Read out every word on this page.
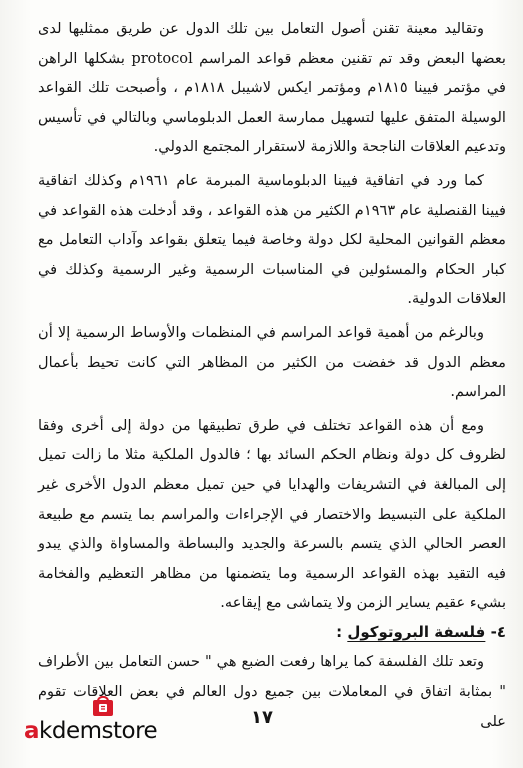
وتقاليد معينة تقنن أصول التعامل بين تلك الدول عن طريق ممثليها لدى بعضها البعض وقد تم تقنين معظم قواعد المراسم protocol بشكلها الراهن في مؤتمر فيينا ١٨١٥م ومؤتمر ايكس لاشيبل ١٨١٨م ، وأصبحت تلك القواعد الوسيلة المتفق عليها لتسهيل ممارسة العمل الدبلوماسي وبالتالي في تأسيس وتدعيم العلاقات الناجحة واللازمة لاستقرار المجتمع الدولي.

كما ورد في اتفاقية فيينا الدبلوماسية المبرمة عام ١٩٦١م وكذلك اتفاقية فيينا القنصلية عام ١٩٦٣م الكثير من هذه القواعد ، وقد أدخلت هذه القواعد في معظم القوانين المحلية لكل دولة وخاصة فيما يتعلق بقواعد وآداب التعامل مع كبار الحكام والمسئولين في المناسبات الرسمية وغير الرسمية وكذلك في العلاقات الدولية.

وبالرغم من أهمية قواعد المراسم في المنظمات والأوساط الرسمية إلا أن معظم الدول قد خفضت من الكثير من المظاهر التي كانت تحيط بأعمال المراسم.

ومع أن هذه القواعد تختلف في طرق تطبيقها من دولة إلى أخرى وفقا لظروف كل دولة ونظام الحكم السائد بها ؛ فالدول الملكية مثلا ما زالت تميل إلى المبالغة في التشريفات والهدايا في حين تميل معظم الدول الأخرى غير الملكية على التبسيط والاختصار في الإجراءات والمراسم بما يتسم مع طبيعة العصر الحالي الذي يتسم بالسرعة والجديد والبساطة والمساواة والذي يبدو فيه التقيد بهذه القواعد الرسمية وما يتضمنها من مظاهر التعظيم والفخامة بشيء عقيم يساير الزمن ولا يتماشى مع إيقاعه.

٤- فلسفة البروتوكول :

وتعد تلك الفلسفة كما يراها رفعت الضبع هي " حسن التعامل بين الأطراف " بمثابة اتفاق في المعاملات بين جميع دول العالم في بعض العلاقات تقوم على

١٧
akdemstore
